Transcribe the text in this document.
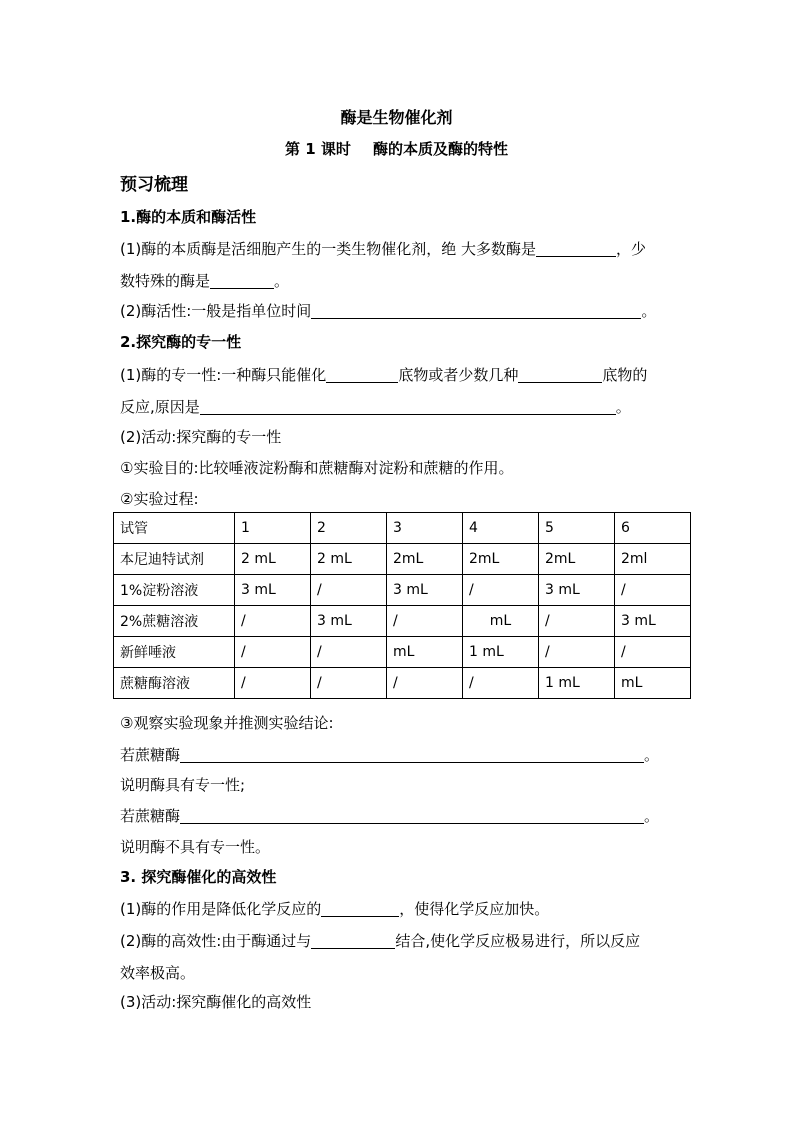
酶是生物催化剂
第 1 课时 酶的本质及酶的特性
预习梳理
1.酶的本质和酶活性
(1)酶的本质酶是活细胞产生的一类生物催化剂，绝 大多数酶是	，少
数特殊的酶是	。
(2)酶活性:一般是指单位时间	。
2.探究酶的专一性
(1)酶的专一性:一种酶只能催化	底物或者少数几种	底物的
反应,原因是	。
(2)活动:探究酶的专一性
①实验目的:比较唾液淀粉酶和蔗糖酶对淀粉和蔗糖的作用。
②实验过程:
试管	1	2	3	4	5	6
本尼迪特试剂	2 mL	2 mL	2mL	2mL	2mL	2ml
1%淀粉溶液	3 mL	/	3 mL	/	3 mL	/
2%蔗糖溶液	/	3 mL	/	mL	/	3 mL
新鲜唾液	/	/	mL	1 mL	/	/
蔗糖酶溶液	/	/	/	/	1 mL	mL
③观察实验现象并推测实验结论:
若蔗糖酶	。
说明酶具有专一性;
若蔗糖酶	。
说明酶不具有专一性。
3. 探究酶催化的高效性
(1)酶的作用是降低化学反应的	，使得化学反应加快。
(2)酶的高效性:由于酶通过与	结合,使化学反应极易进行，所以反应
效率极高。
(3)活动:探究酶催化的高效性
